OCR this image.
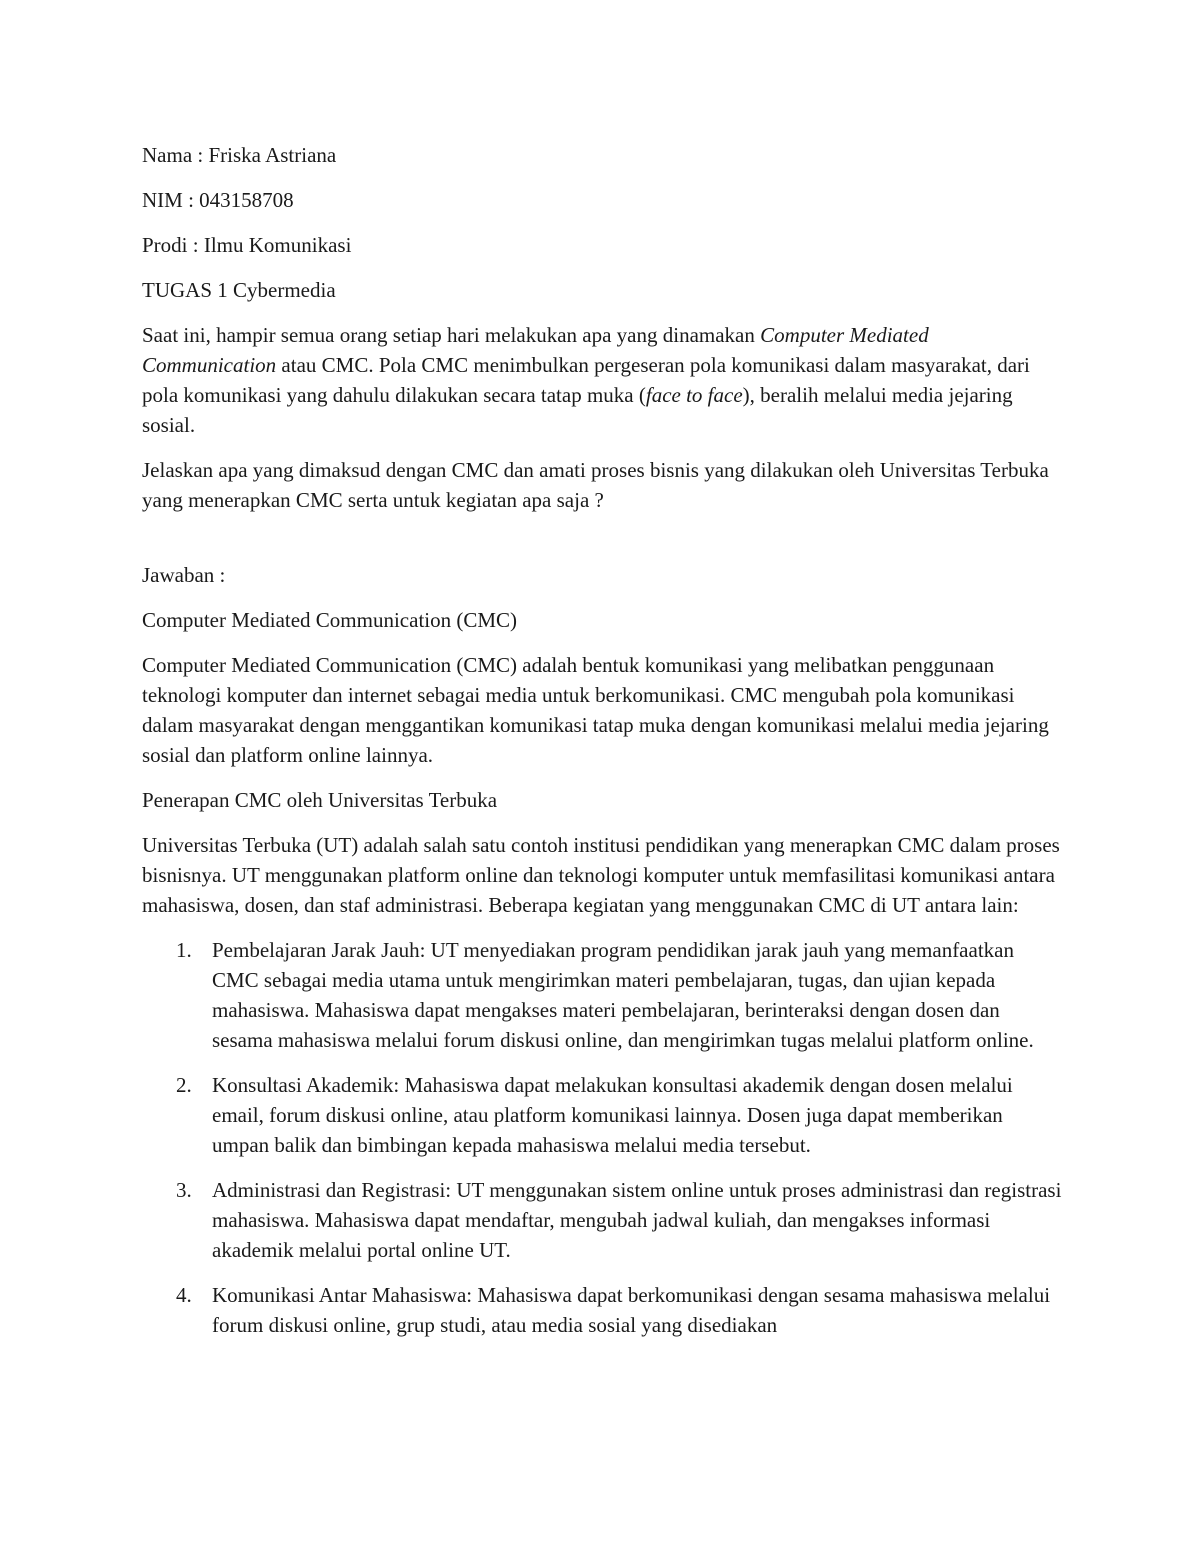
Nama : Friska Astriana

NIM : 043158708

Prodi : Ilmu Komunikasi

TUGAS 1 Cybermedia

Saat ini, hampir semua orang setiap hari melakukan apa yang dinamakan Computer Mediated Communication atau CMC. Pola CMC menimbulkan pergeseran pola komunikasi dalam masyarakat, dari pola komunikasi yang dahulu dilakukan secara tatap muka (face to face), beralih melalui media jejaring sosial.

Jelaskan apa yang dimaksud dengan CMC dan amati proses bisnis yang dilakukan oleh Universitas Terbuka yang menerapkan CMC serta untuk kegiatan apa saja ?

Jawaban :

Computer Mediated Communication (CMC)

Computer Mediated Communication (CMC) adalah bentuk komunikasi yang melibatkan penggunaan teknologi komputer dan internet sebagai media untuk berkomunikasi. CMC mengubah pola komunikasi dalam masyarakat dengan menggantikan komunikasi tatap muka dengan komunikasi melalui media jejaring sosial dan platform online lainnya.

Penerapan CMC oleh Universitas Terbuka

Universitas Terbuka (UT) adalah salah satu contoh institusi pendidikan yang menerapkan CMC dalam proses bisnisnya. UT menggunakan platform online dan teknologi komputer untuk memfasilitasi komunikasi antara mahasiswa, dosen, dan staf administrasi. Beberapa kegiatan yang menggunakan CMC di UT antara lain:

1. Pembelajaran Jarak Jauh: UT menyediakan program pendidikan jarak jauh yang memanfaatkan CMC sebagai media utama untuk mengirimkan materi pembelajaran, tugas, dan ujian kepada mahasiswa. Mahasiswa dapat mengakses materi pembelajaran, berinteraksi dengan dosen dan sesama mahasiswa melalui forum diskusi online, dan mengirimkan tugas melalui platform online.
2. Konsultasi Akademik: Mahasiswa dapat melakukan konsultasi akademik dengan dosen melalui email, forum diskusi online, atau platform komunikasi lainnya. Dosen juga dapat memberikan umpan balik dan bimbingan kepada mahasiswa melalui media tersebut.
3. Administrasi dan Registrasi: UT menggunakan sistem online untuk proses administrasi dan registrasi mahasiswa. Mahasiswa dapat mendaftar, mengubah jadwal kuliah, dan mengakses informasi akademik melalui portal online UT.
4. Komunikasi Antar Mahasiswa: Mahasiswa dapat berkomunikasi dengan sesama mahasiswa melalui forum diskusi online, grup studi, atau media sosial yang disediakan
